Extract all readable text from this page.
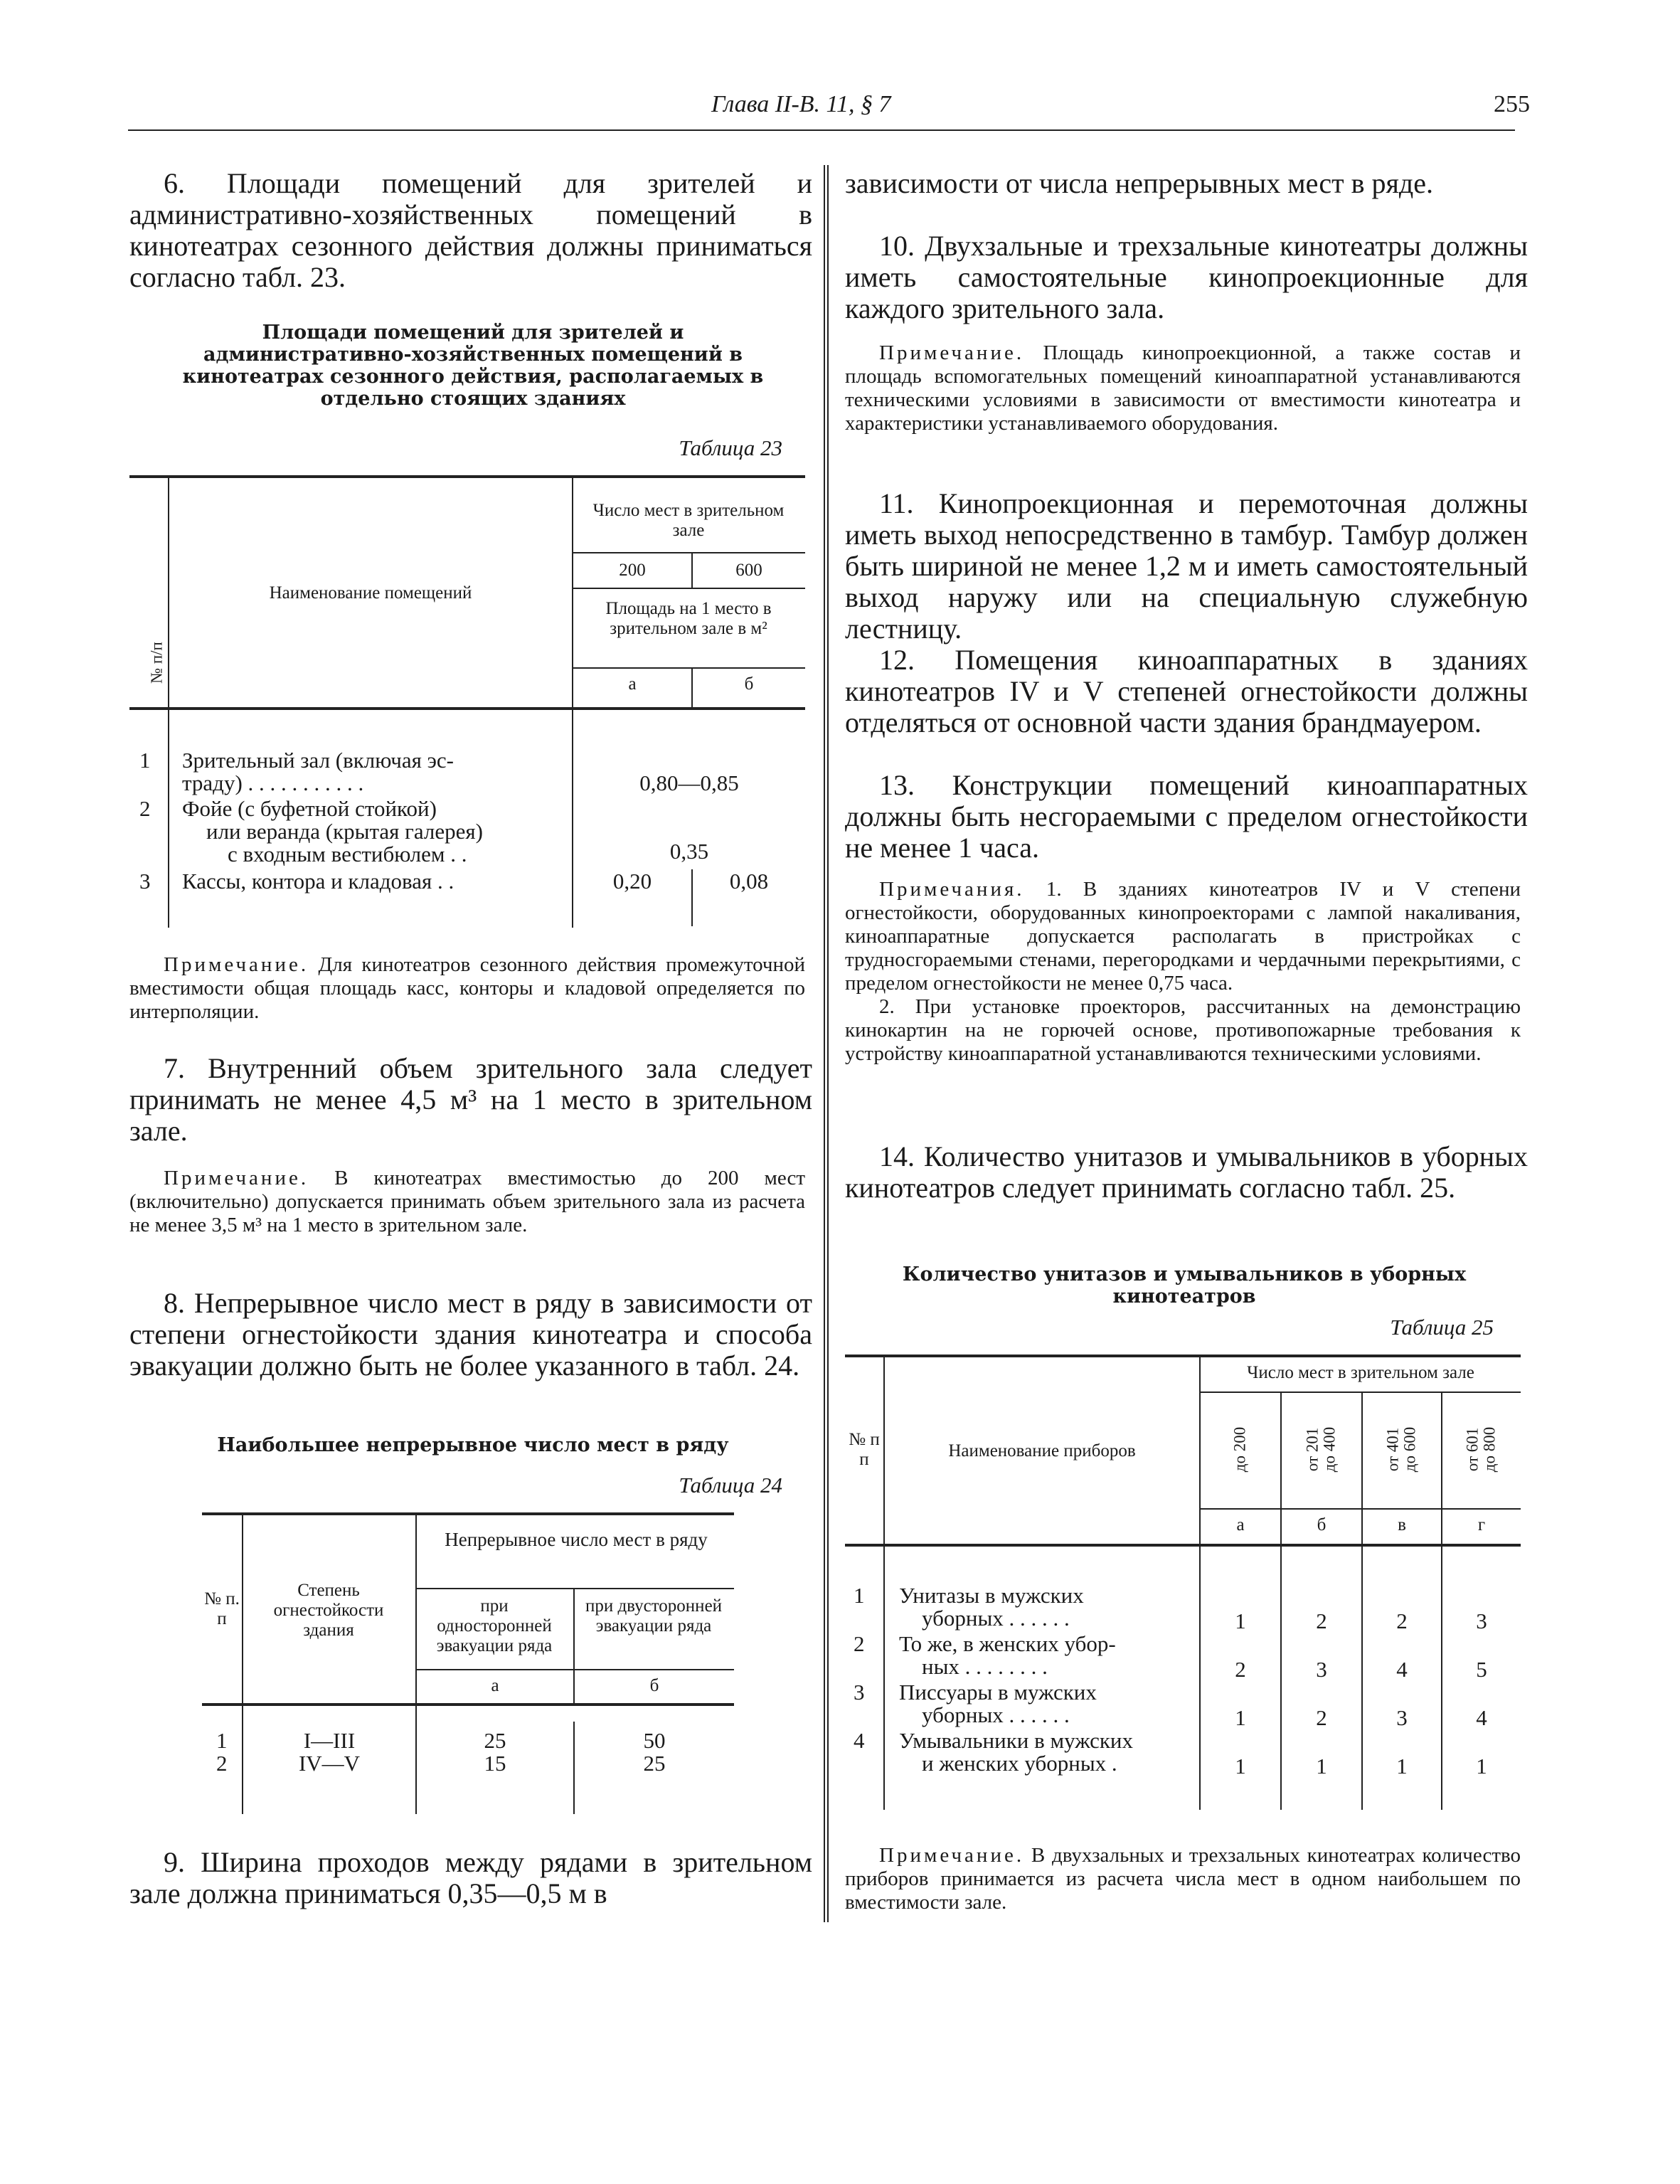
Глава II-В. 11, § 7	255

6. Площади помещений для зрителей и административно-хозяйственных помещений в кинотеатрах сезонного действия должны приниматься согласно табл. 23.

Площади помещений для зрителей и административно-хозяйственных помещений в кинотеатрах сезонного действия, располагаемых в отдельно стоящих зданиях
Таблица 23
№ п/п
Наименование помещений
Число мест в зрительном зале
200	600
Площадь на 1 место в зрительном зале в м²
а	б
1 Зрительный зал (включая эс-
траду) . . . . . . . . . . .	0,80—0,85
2 Фойе (с буфетной стойкой)
или веранда (крытая галерея)
с входным вестибюлем . .	0,35
3 Кассы, контора и кладовая . .	0,20	0,08

Примечание. Для кинотеатров сезонного действия промежуточной вместимости общая площадь касс, конторы и кладовой определяется по интерполяции.

7. Внутренний объем зрительного зала следует принимать не менее 4,5 м³ на 1 место в зрительном зале.

Примечание. В кинотеатрах вместимостью до 200 мест (включительно) допускается принимать объем зрительного зала из расчета не менее 3,5 м³ на 1 место в зрительном зале.

8. Непрерывное число мест в ряду в зависимости от степени огнестойкости здания кинотеатра и способа эвакуации должно быть не более указанного в табл. 24.

Наибольшее непрерывное число мест в ряду
Таблица 24
№ п.п
Степень огнестойкости здания
Непрерывное число мест в ряду
при односторонней эвакуации ряда
при двусторонней эвакуации ряда
а	б
1	I—III	25	50
2	IV—V	15	25

9. Ширина проходов между рядами в зрительном зале должна приниматься 0,35—0,5 м в

зависимости от числа непрерывных мест в ряде.

10. Двухзальные и трехзальные кинотеатры должны иметь самостоятельные кинопроекционные для каждого зрительного зала.

Примечание. Площадь кинопроекционной, а также состав и площадь вспомогательных помещений киноаппаратной устанавливаются техническими условиями в зависимости от вместимости кинотеатра и характеристики устанавливаемого оборудования.

11. Кинопроекционная и перемоточная должны иметь выход непосредственно в тамбур. Тамбур должен быть шириной не менее 1,2 м и иметь самостоятельный выход наружу или на специальную служебную лестницу.

12. Помещения киноаппаратных в зданиях кинотеатров IV и V степеней огнестойкости должны отделяться от основной части здания брандмауером.

13. Конструкции помещений киноаппаратных должны быть несгораемыми с пределом огнестойкости не менее 1 часа.

Примечания. 1. В зданиях кинотеатров IV и V степени огнестойкости, оборудованных кинопроекторами с лампой накаливания, киноаппаратные допускается располагать в пристройках с трудносгораемыми стенами, перегородками и чердачными перекрытиями, с пределом огнестойкости не менее 0,75 часа.

2. При установке проекторов, рассчитанных на демонстрацию кинокартин на не горючей основе, противопожарные требования к устройству киноаппаратной устанавливаются техническими условиями.

14. Количество унитазов и умывальников в уборных кинотеатров следует принимать согласно табл. 25.

Количество унитазов и умывальников в уборных кинотеатров
Таблица 25
№ п п	Наименование приборов
Число мест в зрительном зале
до 200	от 201 до 400	от 401 до 600	от 601 до 800
а	б	в	г
1 Унитазы в мужских
уборных . . . . . .	1	2	2	3
2 То же, в женских убор-
ных . . . . . . . .	2	3	4	5
3 Писсуары в мужских
уборных . . . . . .	1	2	3	4
4 Умывальники в мужских
и женских уборных .	1	1	1	1

Примечание. В двухзальных и трехзальных кинотеатрах количество приборов принимается из расчета числа мест в одном наибольшем по вместимости зале.
